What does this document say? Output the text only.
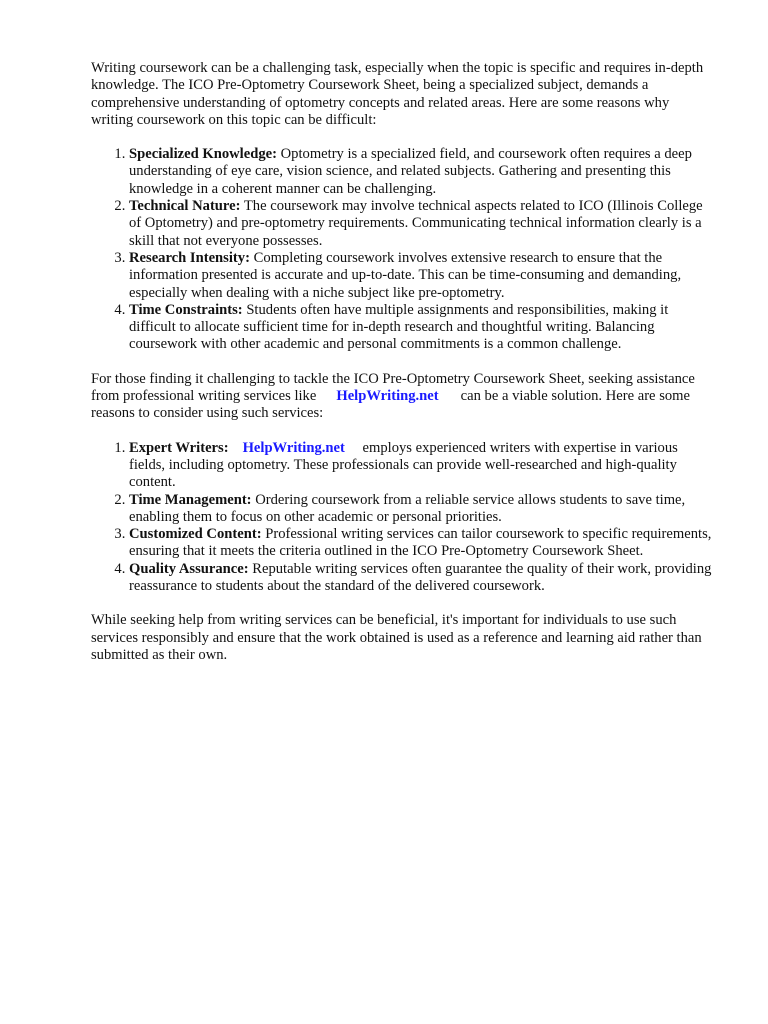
Writing coursework can be a challenging task, especially when the topic is specific and requires in-depth knowledge. The ICO Pre-Optometry Coursework Sheet, being a specialized subject, demands a comprehensive understanding of optometry concepts and related areas. Here are some reasons why writing coursework on this topic can be difficult:

1. Specialized Knowledge: Optometry is a specialized field, and coursework often requires a deep understanding of eye care, vision science, and related subjects. Gathering and presenting this knowledge in a coherent manner can be challenging.
2. Technical Nature: The coursework may involve technical aspects related to ICO (Illinois College of Optometry) and pre-optometry requirements. Communicating technical information clearly is a skill that not everyone possesses.
3. Research Intensity: Completing coursework involves extensive research to ensure that the information presented is accurate and up-to-date. This can be time-consuming and demanding, especially when dealing with a niche subject like pre-optometry.
4. Time Constraints: Students often have multiple assignments and responsibilities, making it difficult to allocate sufficient time for in-depth research and thoughtful writing. Balancing coursework with other academic and personal commitments is a common challenge.

For those finding it challenging to tackle the ICO Pre-Optometry Coursework Sheet, seeking assistance from professional writing services like HelpWriting.net can be a viable solution. Here are some reasons to consider using such services:

1. Expert Writers: HelpWriting.net employs experienced writers with expertise in various fields, including optometry. These professionals can provide well-researched and high-quality content.
2. Time Management: Ordering coursework from a reliable service allows students to save time, enabling them to focus on other academic or personal priorities.
3. Customized Content: Professional writing services can tailor coursework to specific requirements, ensuring that it meets the criteria outlined in the ICO Pre-Optometry Coursework Sheet.
4. Quality Assurance: Reputable writing services often guarantee the quality of their work, providing reassurance to students about the standard of the delivered coursework.

While seeking help from writing services can be beneficial, it's important for individuals to use such services responsibly and ensure that the work obtained is used as a reference and learning aid rather than submitted as their own.
